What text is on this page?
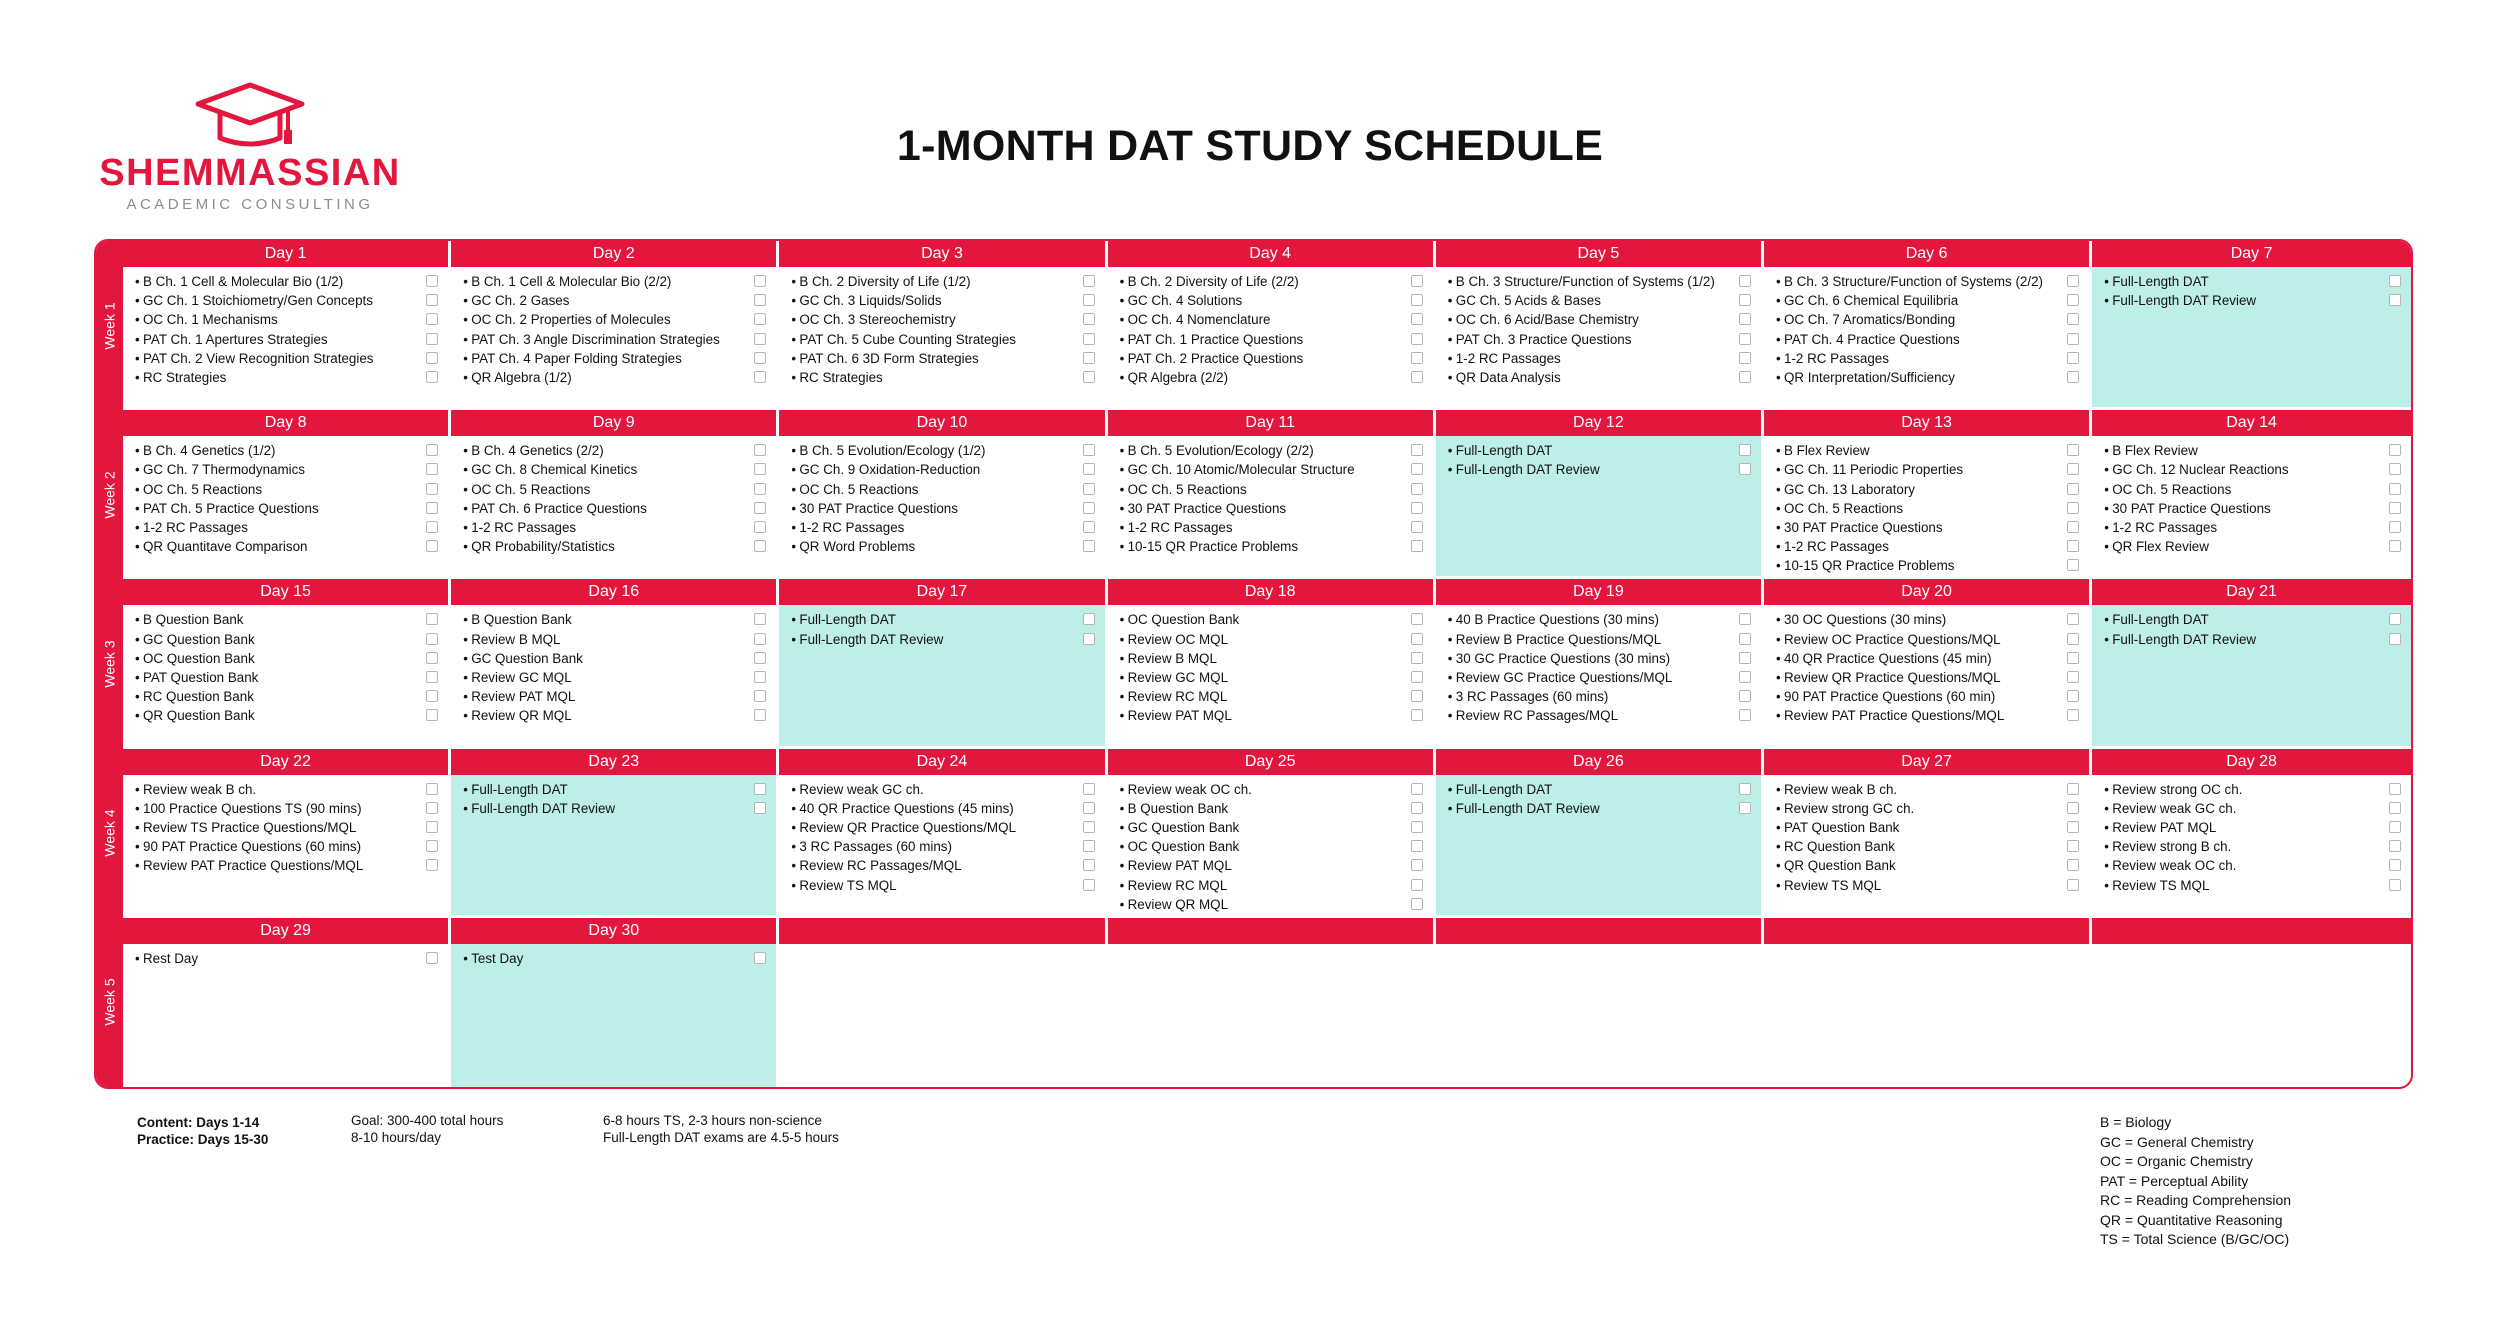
SHEMMASSIAN
ACADEMIC CONSULTING
1-MONTH DAT STUDY SCHEDULE
Week 1
Week 2
Week 3
Week 4
Week 5
Day 1
• B Ch. 1 Cell & Molecular Bio (1/2)
• GC Ch. 1 Stoichiometry/Gen Concepts
• OC Ch. 1 Mechanisms
• PAT Ch. 1 Apertures Strategies
• PAT Ch. 2 View Recognition Strategies
• RC Strategies
Day 2
• B Ch. 1 Cell & Molecular Bio (2/2)
• GC Ch. 2 Gases
• OC Ch. 2 Properties of Molecules
• PAT Ch. 3 Angle Discrimination Strategies
• PAT Ch. 4 Paper Folding Strategies
• QR Algebra (1/2)
Day 3
• B Ch. 2 Diversity of Life (1/2)
• GC Ch. 3 Liquids/Solids
• OC Ch. 3 Stereochemistry
• PAT Ch. 5 Cube Counting Strategies
• PAT Ch. 6 3D Form Strategies
• RC Strategies
Day 4
• B Ch. 2 Diversity of Life (2/2)
• GC Ch. 4 Solutions
• OC Ch. 4 Nomenclature
• PAT Ch. 1 Practice Questions
• PAT Ch. 2 Practice Questions
• QR Algebra (2/2)
Day 5
• B Ch. 3 Structure/Function of Systems (1/2)
• GC Ch. 5 Acids & Bases
• OC Ch. 6 Acid/Base Chemistry
• PAT Ch. 3 Practice Questions
• 1-2 RC Passages
• QR Data Analysis
Day 6
• B Ch. 3 Structure/Function of Systems (2/2)
• GC Ch. 6 Chemical Equilibria
• OC Ch. 7 Aromatics/Bonding
• PAT Ch. 4 Practice Questions
• 1-2 RC Passages
• QR Interpretation/Sufficiency
Day 7
• Full-Length DAT
• Full-Length DAT Review
Day 8
• B Ch. 4 Genetics (1/2)
• GC Ch. 7 Thermodynamics
• OC Ch. 5 Reactions
• PAT Ch. 5 Practice Questions
• 1-2 RC Passages
• QR Quantitave Comparison
Day 9
• B Ch. 4 Genetics (2/2)
• GC Ch. 8 Chemical Kinetics
• OC Ch. 5 Reactions
• PAT Ch. 6 Practice Questions
• 1-2 RC Passages
• QR Probability/Statistics
Day 10
• B Ch. 5 Evolution/Ecology (1/2)
• GC Ch. 9 Oxidation-Reduction
• OC Ch. 5 Reactions
• 30 PAT Practice Questions
• 1-2 RC Passages
• QR Word Problems
Day 11
• B Ch. 5 Evolution/Ecology (2/2)
• GC Ch. 10 Atomic/Molecular Structure
• OC Ch. 5 Reactions
• 30 PAT Practice Questions
• 1-2 RC Passages
• 10-15 QR Practice Problems
Day 12
• Full-Length DAT
• Full-Length DAT Review
Day 13
• B Flex Review
• GC Ch. 11 Periodic Properties
• GC Ch. 13 Laboratory
• OC Ch. 5 Reactions
• 30 PAT Practice Questions
• 1-2 RC Passages
• 10-15 QR Practice Problems
Day 14
• B Flex Review
• GC Ch. 12 Nuclear Reactions
• OC Ch. 5 Reactions
• 30 PAT Practice Questions
• 1-2 RC Passages
• QR Flex Review
Day 15
• B Question Bank
• GC Question Bank
• OC Question Bank
• PAT Question Bank
• RC Question Bank
• QR Question Bank
Day 16
• B Question Bank
• Review B MQL
• GC Question Bank
• Review GC MQL
• Review PAT MQL
• Review QR MQL
Day 17
• Full-Length DAT
• Full-Length DAT Review
Day 18
• OC Question Bank
• Review OC MQL
• Review B MQL
• Review GC MQL
• Review RC MQL
• Review PAT MQL
Day 19
• 40 B Practice Questions (30 mins)
• Review B Practice Questions/MQL
• 30 GC Practice Questions (30 mins)
• Review GC Practice Questions/MQL
• 3 RC Passages (60 mins)
• Review RC Passages/MQL
Day 20
• 30 OC Questions (30 mins)
• Review OC Practice Questions/MQL
• 40 QR Practice Questions (45 min)
• Review QR Practice Questions/MQL
• 90 PAT Practice Questions (60 min)
• Review PAT Practice Questions/MQL
Day 21
• Full-Length DAT
• Full-Length DAT Review
Day 22
• Review weak B ch.
• 100 Practice Questions TS (90 mins)
• Review TS Practice Questions/MQL
• 90 PAT Practice Questions (60 mins)
• Review PAT Practice Questions/MQL
Day 23
• Full-Length DAT
• Full-Length DAT Review
Day 24
• Review weak GC ch.
• 40 QR Practice Questions (45 mins)
• Review QR Practice Questions/MQL
• 3 RC Passages (60 mins)
• Review RC Passages/MQL
• Review TS MQL
Day 25
• Review weak OC ch.
• B Question Bank
• GC Question Bank
• OC Question Bank
• Review PAT MQL
• Review RC MQL
• Review QR MQL
Day 26
• Full-Length DAT
• Full-Length DAT Review
Day 27
• Review weak B ch.
• Review strong GC ch.
• PAT Question Bank
• RC Question Bank
• QR Question Bank
• Review TS MQL
Day 28
• Review strong OC ch.
• Review weak GC ch.
• Review PAT MQL
• Review strong B ch.
• Review weak OC ch.
• Review TS MQL
Day 29
• Rest Day
Day 30
• Test Day
Content: Days 1-14
Practice: Days 15-30
Goal: 300-400 total hours
8-10 hours/day
6-8 hours TS, 2-3 hours non-science
Full-Length DAT exams are 4.5-5 hours
B = Biology
GC = General Chemistry
OC = Organic Chemistry
PAT = Perceptual Ability
RC = Reading Comprehension
QR = Quantitative Reasoning
TS = Total Science (B/GC/OC)
